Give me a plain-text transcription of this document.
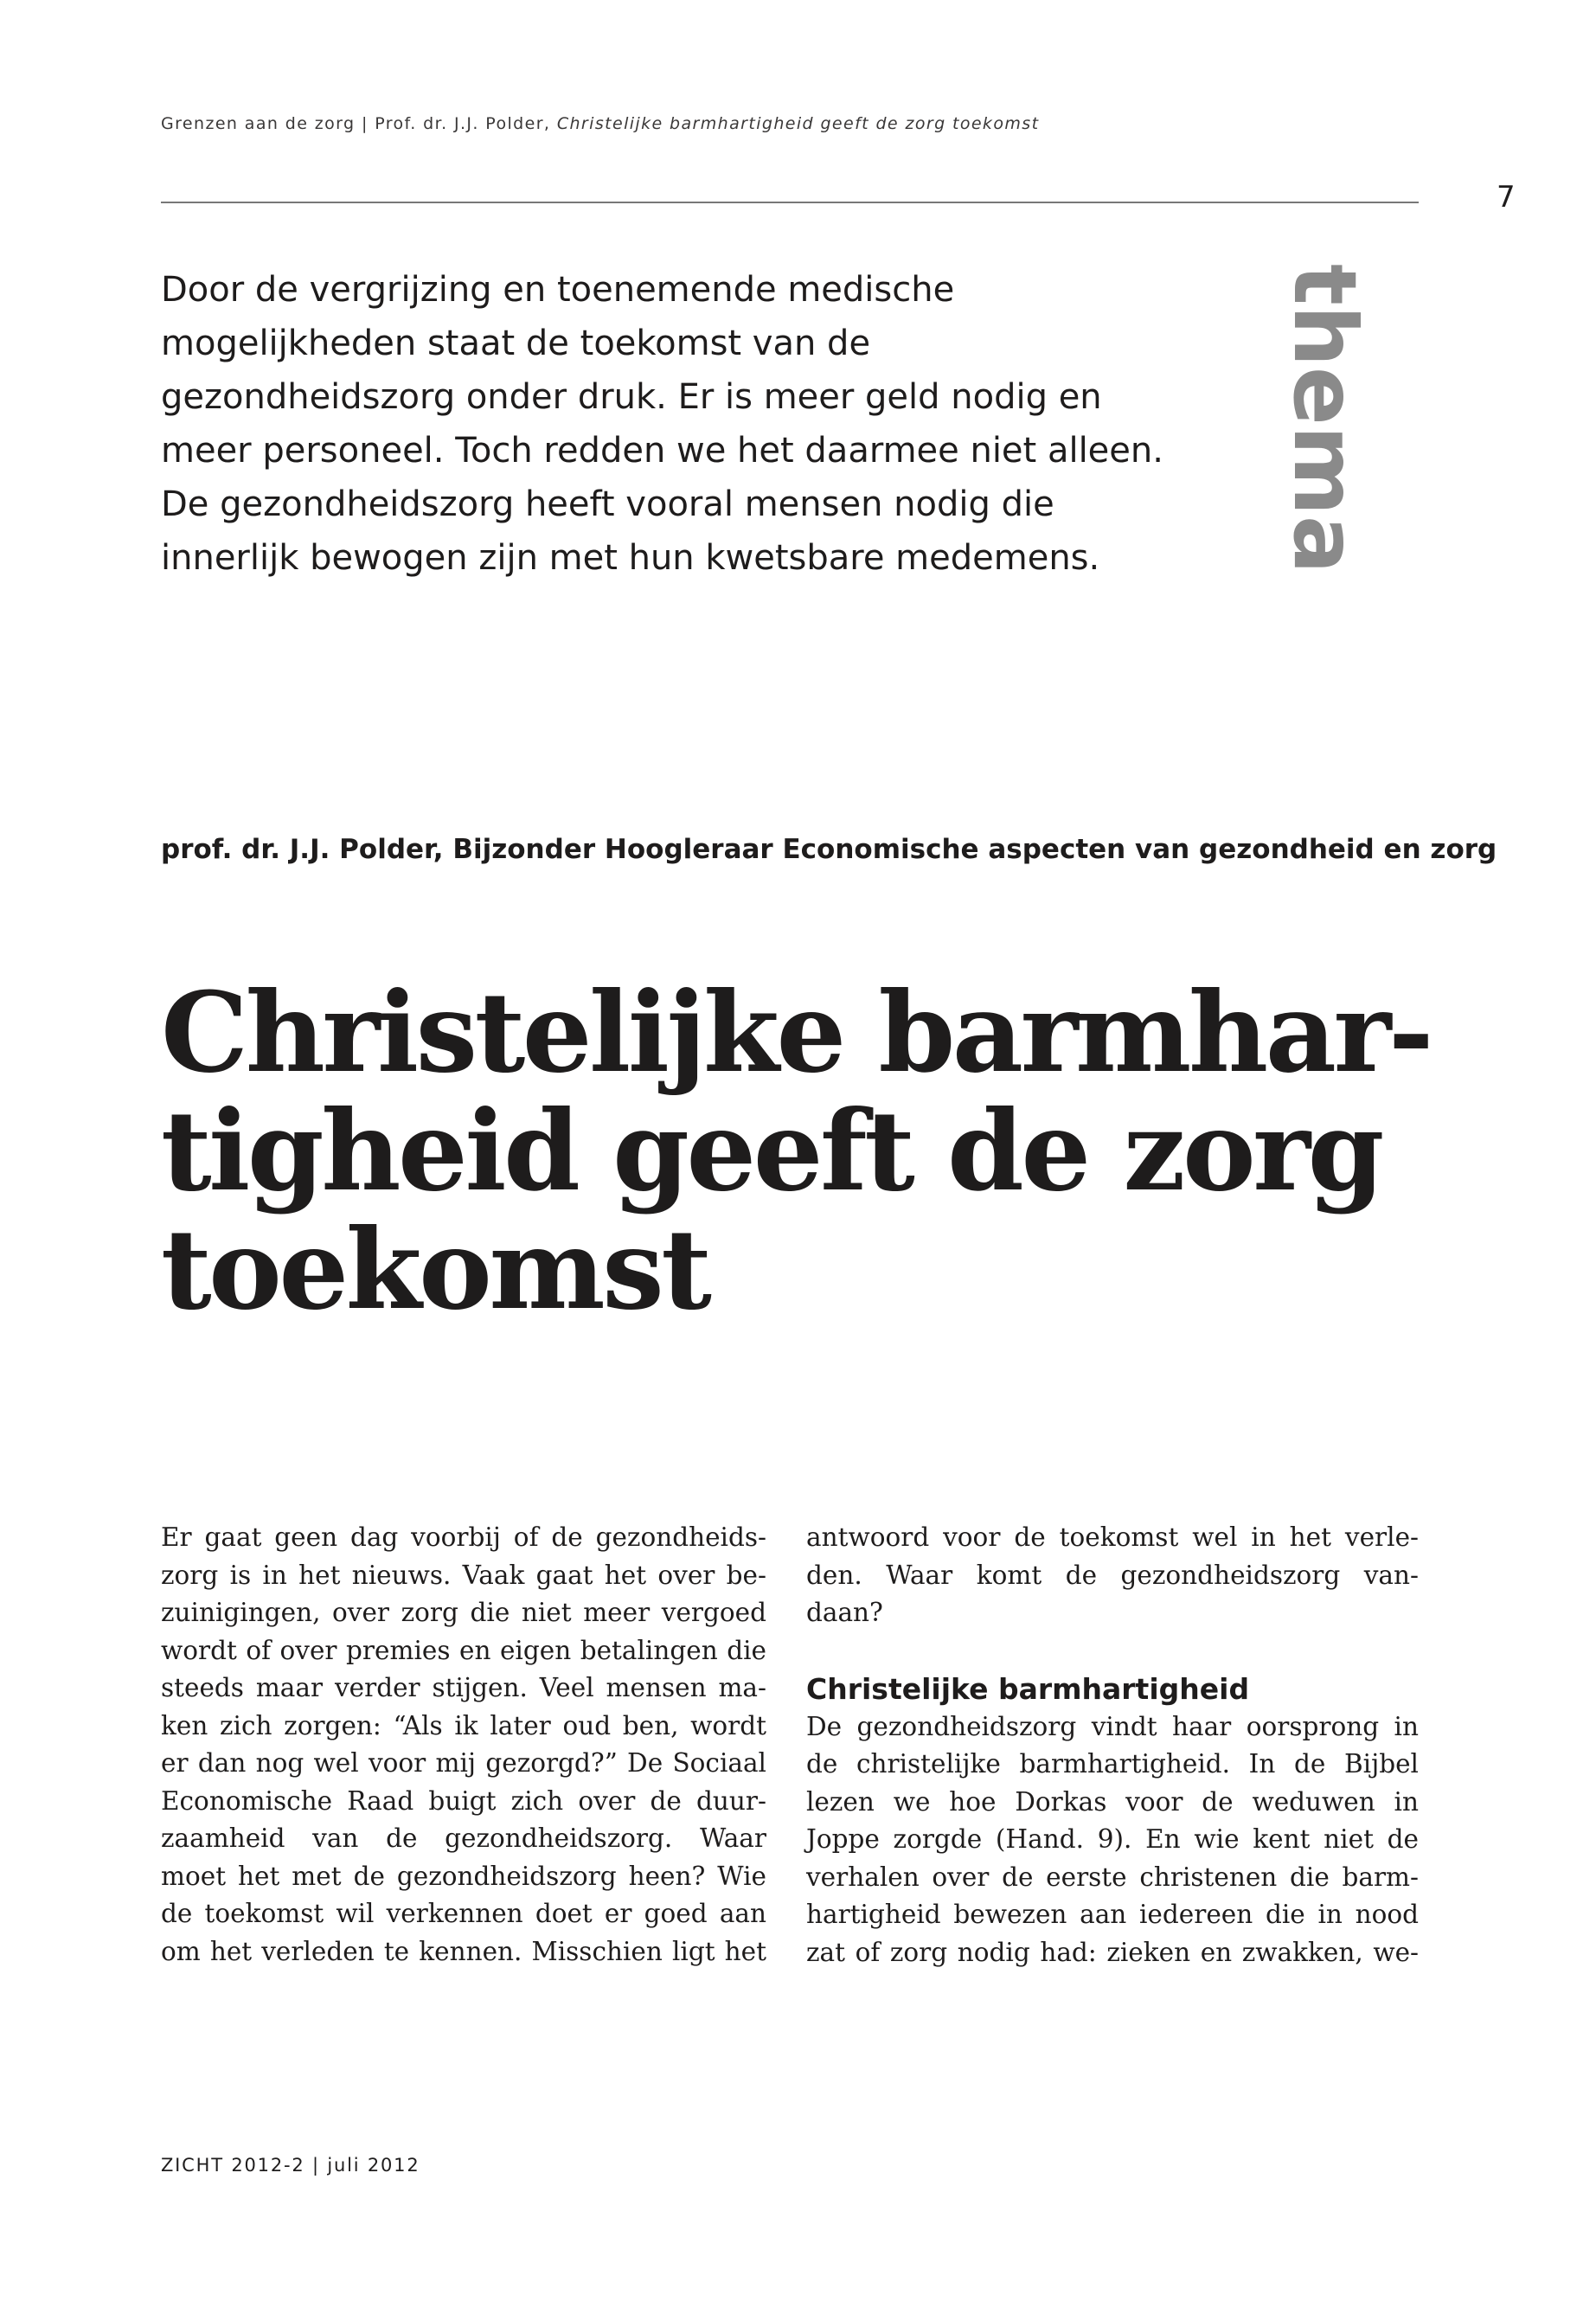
Grenzen aan de zorg | Prof. dr. J.J. Polder, Christelijke barmhartigheid geeft de zorg toekomst
7
thema
Door de vergrijzing en toenemende medische
mogelijkheden staat de toekomst van de
gezondheidszorg onder druk. Er is meer geld nodig en
meer personeel. Toch redden we het daarmee niet alleen.
De gezondheidszorg heeft vooral mensen nodig die
innerlijk bewogen zijn met hun kwetsbare medemens.
prof. dr. J.J. Polder, Bijzonder Hoogleraar Economische aspecten van gezondheid en zorg
Christelijke barmhar-
tigheid geeft de zorg
toekomst
Er gaat geen dag voorbij of de gezondheids-
zorg is in het nieuws. Vaak gaat het over be-
zuinigingen, over zorg die niet meer vergoed
wordt of over premies en eigen betalingen die
steeds maar verder stijgen. Veel mensen ma-
ken zich zorgen: “Als ik later oud ben, wordt
er dan nog wel voor mij gezorgd?” De Sociaal
Economische Raad buigt zich over de duur-
zaamheid van de gezondheidszorg. Waar
moet het met de gezondheidszorg heen? Wie
de toekomst wil verkennen doet er goed aan
om het verleden te kennen. Misschien ligt het
antwoord voor de toekomst wel in het verle-
den. Waar komt de gezondheidszorg van-
daan?
Christelijke barmhartigheid
De gezondheidszorg vindt haar oorsprong in
de christelijke barmhartigheid. In de Bijbel
lezen we hoe Dorkas voor de weduwen in
Joppe zorgde (Hand. 9). En wie kent niet de
verhalen over de eerste christenen die barm-
hartigheid bewezen aan iedereen die in nood
zat of zorg nodig had: zieken en zwakken, we-
ZICHT 2012-2 | juli 2012
